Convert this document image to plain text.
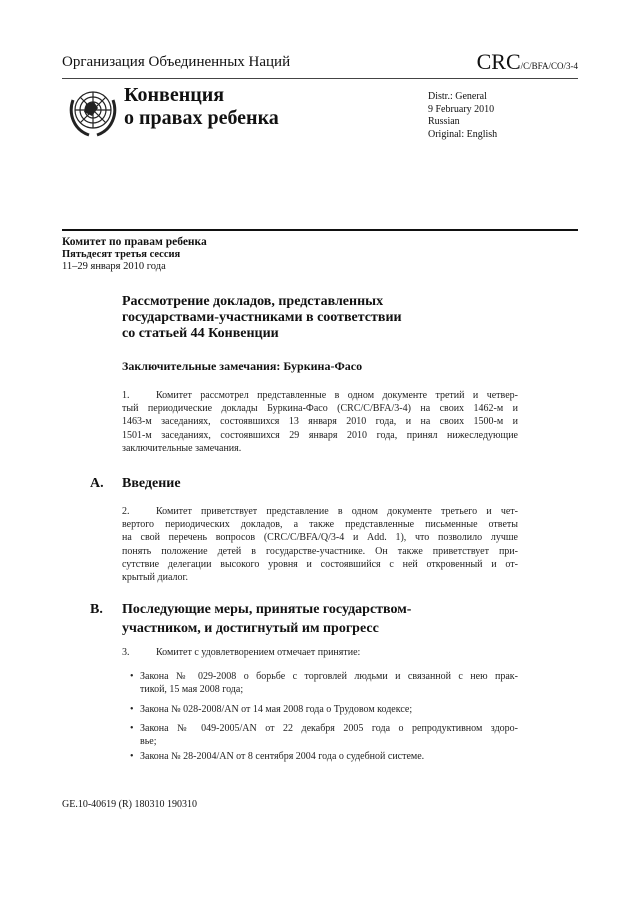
Организация Объединенных Наций	CRC/C/BFA/CO/3-4
Конвенция
о правах ребенка
Distr.: General
9 February 2010
Russian
Original: English
Комитет по правам ребенка
Пятьдесят третья сессия
11–29 января 2010 года
Рассмотрение докладов, представленных
государствами-участниками в соответствии
со статьей 44 Конвенции
Заключительные замечания: Буркина-Фасо
1.	Комитет рассмотрел представленные в одном документе третий и четвер-
тый периодические доклады Буркина-Фасо (CRC/C/BFA/3-4) на своих 1462-м и
1463-м заседаниях, состоявшихся 13 января 2010 года, и на своих 1500-м и
1501-м заседаниях, состоявшихся 29 января 2010 года, принял нижеследующие
заключительные замечания.
A. Введение
2.	Комитет приветствует представление в одном документе третьего и чет-
вертого периодических докладов, а также представленные письменные ответы
на свой перечень вопросов (CRC/C/BFA/Q/3-4 и Add. 1), что позволило лучше
понять положение детей в государстве-участнике. Он также приветствует при-
сутствие делегации высокого уровня и состоявшийся с ней откровенный и от-
крытый диалог.
B. Последующие меры, принятые государством-
участником, и достигнутый им прогресс
3.	Комитет с удовлетворением отмечает принятие:
• Закона № 029-2008 о борьбе с торговлей людьми и связанной с нею прак-
тикой, 15 мая 2008 года;
• Закона № 028-2008/AN от 14 мая 2008 года о Трудовом кодексе;
• Закона № 049-2005/AN от 22 декабря 2005 года о репродуктивном здоро-
вье;
• Закона № 28-2004/AN от 8 сентября 2004 года о судебной системе.
GE.10-40619 (R) 180310 190310
